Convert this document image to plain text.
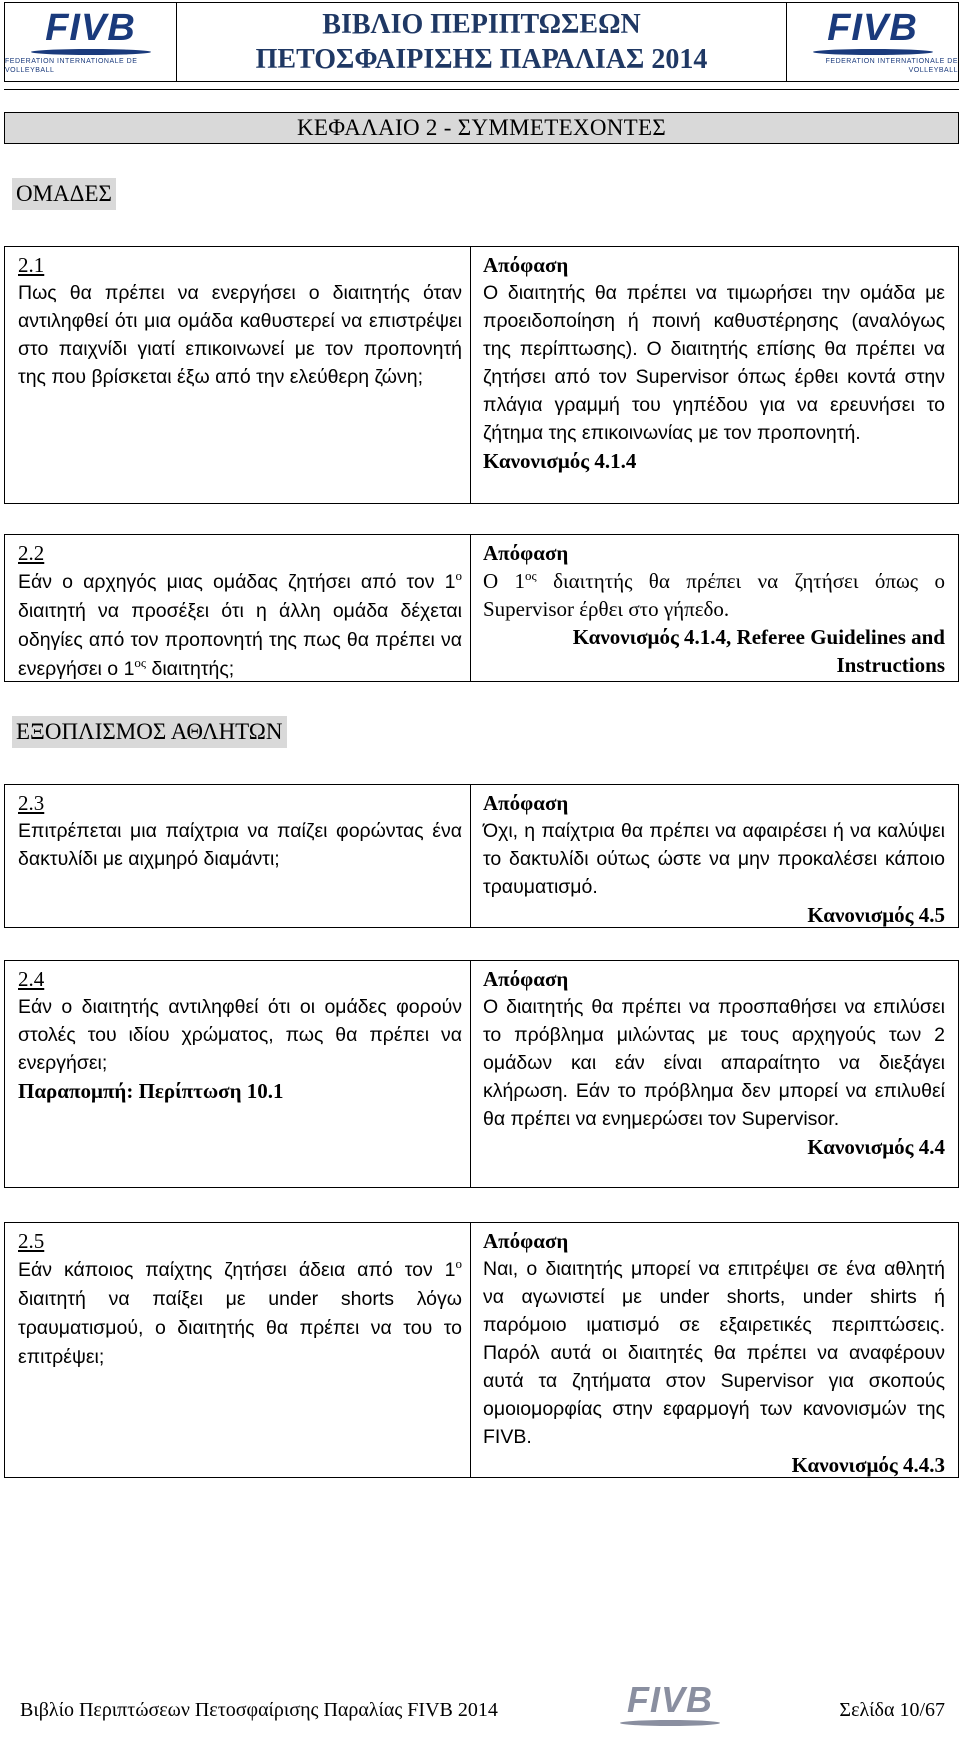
FIVB
FEDERATION INTERNATIONALE DE VOLLEYBALL
ΒΙΒΛΙΟ ΠΕΡΙΠΤΩΣΕΩΝ
ΠΕΤΟΣΦΑΙΡΙΣΗΣ ΠΑΡΑΛΙΑΣ 2014
FIVB
FEDERATION INTERNATIONALE DE VOLLEYBALL
ΚΕΦΑΛΑΙΟ 2 - ΣΥΜΜΕΤΕΧΟΝΤΕΣ
ΟΜΑΔΕΣ
2.1
Πως θα πρέπει να ενεργήσει ο διαιτητής όταν αντιληφθεί ότι μια ομάδα καθυστερεί να επιστρέψει στο παιχνίδι γιατί επικοινωνεί με τον προπονητή της που βρίσκεται έξω από την ελεύθερη ζώνη;
Απόφαση
Ο διαιτητής θα πρέπει να τιμωρήσει την ομάδα με προειδοποίηση ή ποινή καθυστέρησης (αναλόγως της περίπτωσης). Ο διαιτητής επίσης θα πρέπει να ζητήσει από τον Supervisor όπως έρθει κοντά στην πλάγια γραμμή του γηπέδου για να ερευνήσει το ζήτημα της επικοινωνίας με τον προπονητή.
Κανονισμός 4.1.4
2.2
Εάν ο αρχηγός μιας ομάδας ζητήσει από τον $1^o$ διαιτητή να προσέξει ότι η άλλη ομάδα δέχεται οδηγίες από τον προπονητή της πως θα πρέπει να ενεργήσει ο $1^{o\varsigma}$ διαιτητής;
Απόφαση
Ο $1^{o\varsigma}$ διαιτητής θα πρέπει να ζητήσει όπως ο Supervisor έρθει στο γήπεδο.
Κανονισμός 4.1.4, Referee Guidelines and
Instructions
ΕΞΟΠΛΙΣΜΟΣ ΑΘΛΗΤΩΝ
2.3
Επιτρέπεται μια παίχτρια να παίζει φορώντας ένα δακτυλίδι με αιχμηρό διαμάντι;
Απόφαση
Όχι, η παίχτρια θα πρέπει να αφαιρέσει ή να καλύψει το δακτυλίδι ούτως ώστε να μην προκαλέσει κάποιο τραυματισμό.
Κανονισμός 4.5
2.4
Εάν ο διαιτητής αντιληφθεί ότι οι ομάδες φορούν στολές του ιδίου χρώματος, πως θα πρέπει να ενεργήσει;
Παραπομπή: Περίπτωση 10.1
Απόφαση
Ο διαιτητής θα πρέπει να προσπαθήσει να επιλύσει το πρόβλημα μιλώντας με τους αρχηγούς των 2 ομάδων και εάν είναι απαραίτητο να διεξάγει κλήρωση. Εάν το πρόβλημα δεν μπορεί να επιλυθεί θα πρέπει να ενημερώσει τον Supervisor.
Κανονισμός 4.4
2.5
Εάν κάποιος παίχτης ζητήσει άδεια από τον $1^o$ διαιτητή να παίξει με under shorts λόγω τραυματισμού, ο διαιτητής θα πρέπει να του το επιτρέψει;
Απόφαση
Ναι, ο διαιτητής μπορεί να επιτρέψει σε ένα αθλητή να αγωνιστεί με under shorts, under shirts ή παρόμοιο ιματισμό σε εξαιρετικές περιπτώσεις. Παρόλ αυτά οι διαιτητές θα πρέπει να αναφέρουν αυτά τα ζητήματα στον Supervisor για σκοπούς ομοιομορφίας στην εφαρμογή των κανονισμών της FIVB.
Κανονισμός 4.4.3
Βιβλίο Περιπτώσεων Πετοσφαίρισης Παραλίας FIVB 2014	FIVB	Σελίδα 10/67
